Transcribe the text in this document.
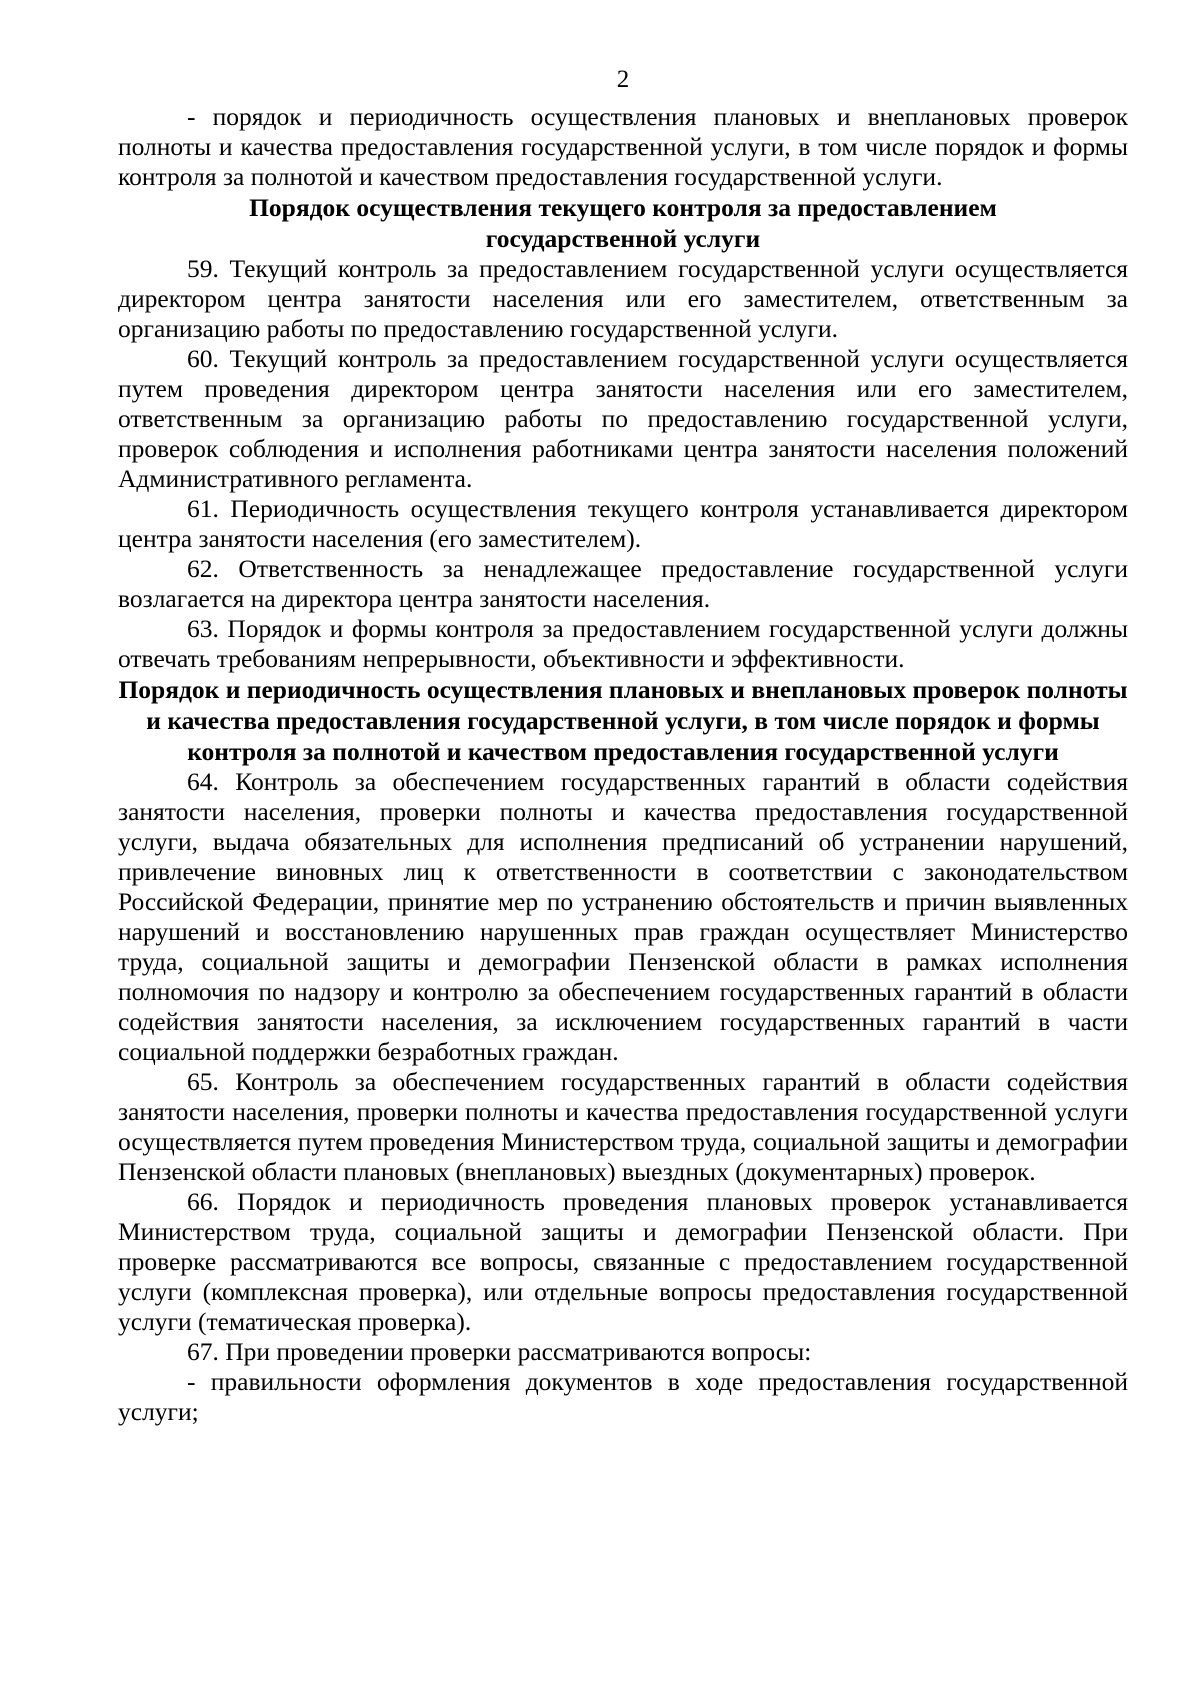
2

- порядок и периодичность осуществления плановых и внеплановых проверок полноты и качества предоставления государственной услуги, в том числе порядок и формы контроля за полнотой и качеством предоставления государственной услуги.

Порядок осуществления текущего контроля за предоставлением государственной услуги

59. Текущий контроль за предоставлением государственной услуги осуществляется директором центра занятости населения или его заместителем, ответственным за организацию работы по предоставлению государственной услуги.

60. Текущий контроль за предоставлением государственной услуги осуществляется путем проведения директором центра занятости населения или его заместителем, ответственным за организацию работы по предоставлению государственной услуги, проверок соблюдения и исполнения работниками центра занятости населения положений Административного регламента.

61. Периодичность осуществления текущего контроля устанавливается директором центра занятости населения (его заместителем).

62. Ответственность за ненадлежащее предоставление государственной услуги возлагается на директора центра занятости населения.

63. Порядок и формы контроля за предоставлением государственной услуги должны отвечать требованиям непрерывности, объективности и эффективности.

Порядок и периодичность осуществления плановых и внеплановых проверок полноты и качества предоставления государственной услуги, в том числе порядок и формы контроля за полнотой и качеством предоставления государственной услуги

64. Контроль за обеспечением государственных гарантий в области содействия занятости населения, проверки полноты и качества предоставления государственной услуги, выдача обязательных для исполнения предписаний об устранении нарушений, привлечение виновных лиц к ответственности в соответствии с законодательством Российской Федерации, принятие мер по устранению обстоятельств и причин выявленных нарушений и восстановлению нарушенных прав граждан осуществляет Министерство труда, социальной защиты и демографии Пензенской области в рамках исполнения полномочия по надзору и контролю за обеспечением государственных гарантий в области содействия занятости населения, за исключением государственных гарантий в части социальной поддержки безработных граждан.

65. Контроль за обеспечением государственных гарантий в области содействия занятости населения, проверки полноты и качества предоставления государственной услуги осуществляется путем проведения Министерством труда, социальной защиты и демографии Пензенской области плановых (внеплановых) выездных (документарных) проверок.

66. Порядок и периодичность проведения плановых проверок устанавливается Министерством труда, социальной защиты и демографии Пензенской области. При проверке рассматриваются все вопросы, связанные с предоставлением государственной услуги (комплексная проверка), или отдельные вопросы предоставления государственной услуги (тематическая проверка).

67. При проведении проверки рассматриваются вопросы:

- правильности оформления документов в ходе предоставления государственной услуги;
